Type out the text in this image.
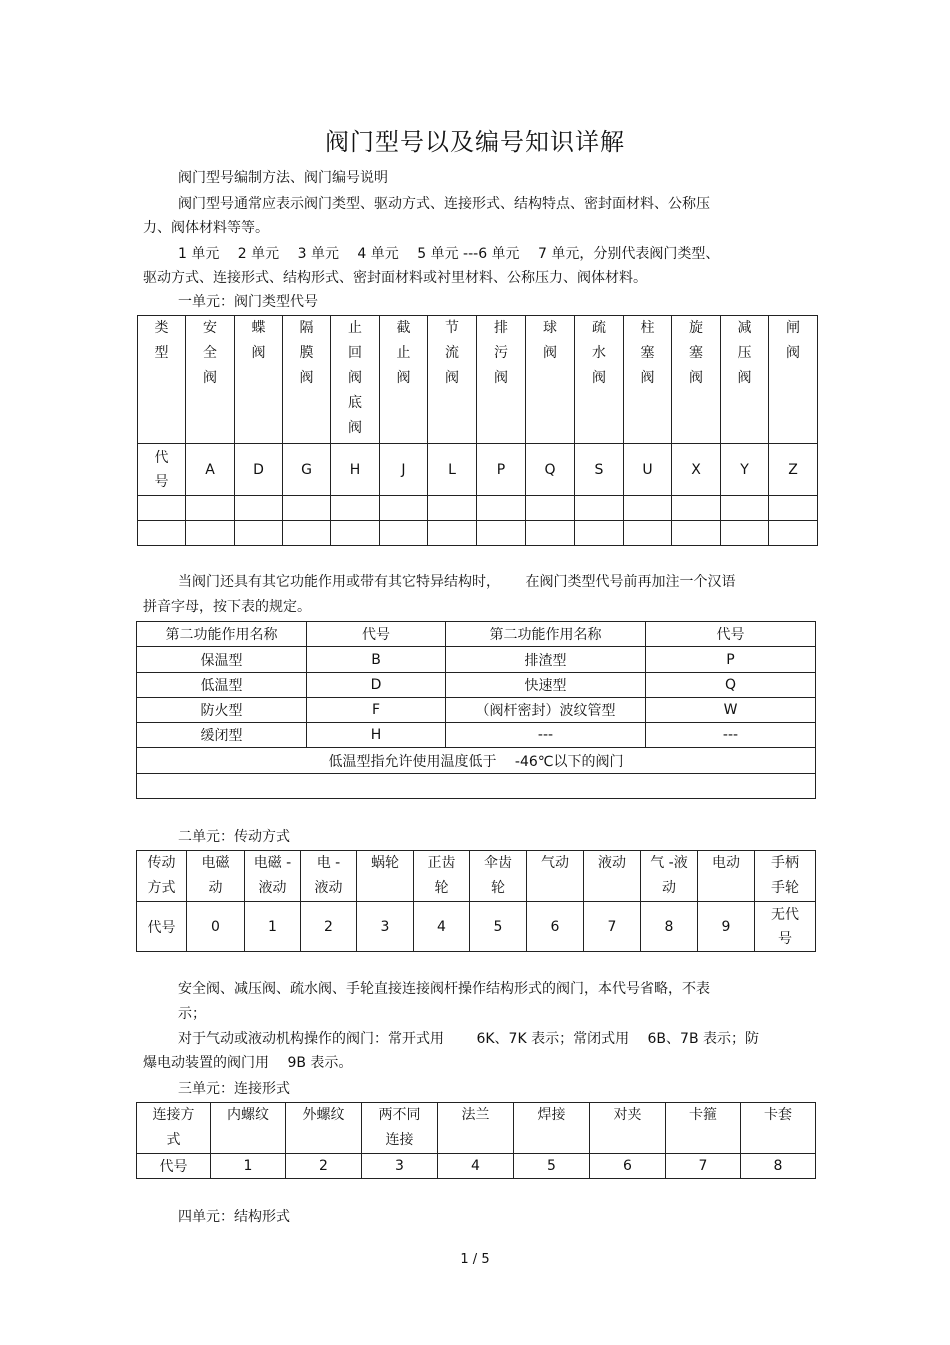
阀门型号以及编号知识详解
阀门型号编制方法、阀门编号说明
阀门型号通常应表示阀门类型、驱动方式、连接形式、结构特点、密封面材料、公称压
力、阀体材料等等。
1 单元　 2 单元　 3 单元　 4 单元　 5 单元 ---6 单元　 7 单元，分别代表阀门类型、
驱动方式、连接形式、结构形式、密封面材料或衬里材料、公称压力、阀体材料。
一单元：阀门类型代号
类型	安全阀	蝶阀	隔膜阀	止回阀底阀	截止阀	节流阀	排污阀	球阀	疏水阀	柱塞阀	旋塞阀	减压阀	闸阀

代号	A	D	G	H	J	L	P	Q	S	U	X	Y	Z

当阀门还具有其它功能作用或带有其它特异结构时，　　 在阀门类型代号前再加注一个汉语
拼音字母，按下表的规定。
第二功能作用名称	代号	第二功能作用名称	代号
保温型	B	排渣型	P
低温型	D	快速型	Q
防火型	F	（阀杆密封）波纹管型	W
缓闭型	H	---	---
低温型指允许使用温度低于　 -46℃以下的阀门			

二单元：传动方式
传动方式	电磁动	电磁 -液动	电 -液动	蜗轮	正齿轮	伞齿轮	气动	液动	气 -液动	电动	手柄手轮

代号	0	1	2	3	4	5	6	7	8	9	无代号
安全阀、减压阀、疏水阀、手轮直接连接阀杆操作结构形式的阀门，本代号省略，不表
示；
对于气动或液动机构操作的阀门：常开式用　　 6K、7K 表示；常闭式用　 6B、7B 表示；防
爆电动装置的阀门用　 9B 表示。
三单元：连接形式
连接方式	内螺纹	外螺纹	两不同连接	法兰	焊接	对夹	卡箍	卡套
代号	1	2	3	4	5	6	7	8
四单元：结构形式
1 / 5
